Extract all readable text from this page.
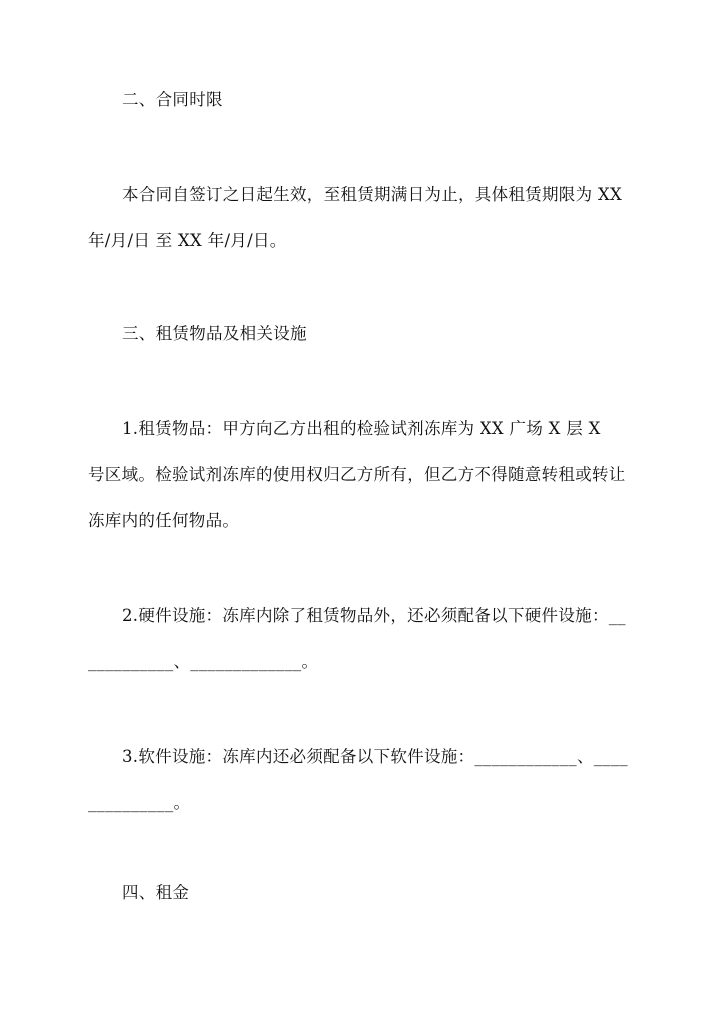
二、合同时限
本合同自签订之日起生效，至租赁期满日为止，具体租赁期限为 XX
年/月/日 至 XX 年/月/日。
三、租赁物品及相关设施
1.租赁物品：甲方向乙方出租的检验试剂冻库为 XX 广场 X 层 X
号区域。检验试剂冻库的使用权归乙方所有，但乙方不得随意转租或转让
冻库内的任何物品。
2.硬件设施：冻库内除了租赁物品外，还必须配备以下硬件设施：__
__________、_____________。
3.软件设施：冻库内还必须配备以下软件设施：____________、____
__________。
四、租金
